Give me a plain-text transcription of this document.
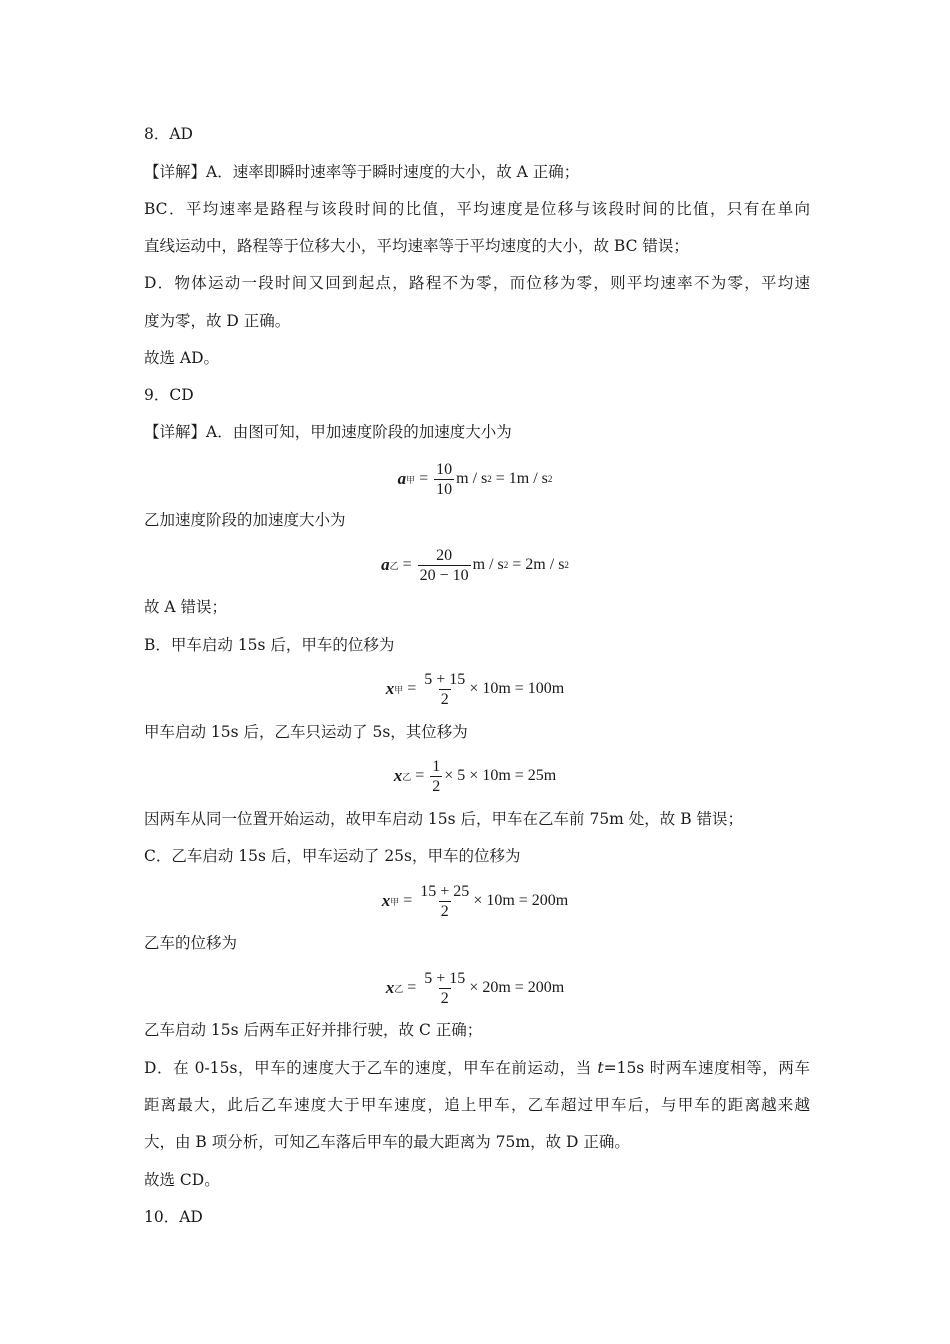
8．AD
【详解】A．速率即瞬时速率等于瞬时速度的大小，故 A 正确；
BC．平均速率是路程与该段时间的比值，平均速度是位移与该段时间的比值，只有在单向
直线运动中，路程等于位移大小，平均速率等于平均速度的大小，故 BC 错误；
D．物体运动一段时间又回到起点，路程不为零，而位移为零，则平均速率不为零，平均速
度为零，故 D 正确。
故选 AD。
9．CD
【详解】A．由图可知，甲加速度阶段的加速度大小为
a 甲 = $\frac{10}{10}$ m / s 2 = 1m / s 2
乙加速度阶段的加速度大小为
a 乙 = $\frac{20}{20 - 10}$ m / s 2 = 2m / s 2
故 A 错误；
B．甲车启动 15s 后，甲车的位移为
x 甲 = $\frac{5 + 15}{2} \times 10m = 100m$
甲车启动 15s 后，乙车只运动了 5s，其位移为
x 乙 = $\frac{1}{2} \times 5 \times 10m = 25m$
因两车从同一位置开始运动，故甲车启动 15s 后，甲车在乙车前 75m 处，故 B 错误；
C．乙车启动 15s 后，甲车运动了 25s，甲车的位移为
x 甲 = $\frac{15 + 25}{2} \times 10m = 200m$
乙车的位移为
x 乙 = $\frac{5 + 15}{2} \times 20m = 200m$
乙车启动 15s 后两车正好并排行驶，故 C 正确；
D．在 0-15s，甲车的速度大于乙车的速度，甲车在前运动，当 t=15s 时两车速度相等，两车
距离最大，此后乙车速度大于甲车速度，追上甲车，乙车超过甲车后，与甲车的距离越来越
大，由 B 项分析，可知乙车落后甲车的最大距离为 75m，故 D 正确。
故选 CD。
10．AD
